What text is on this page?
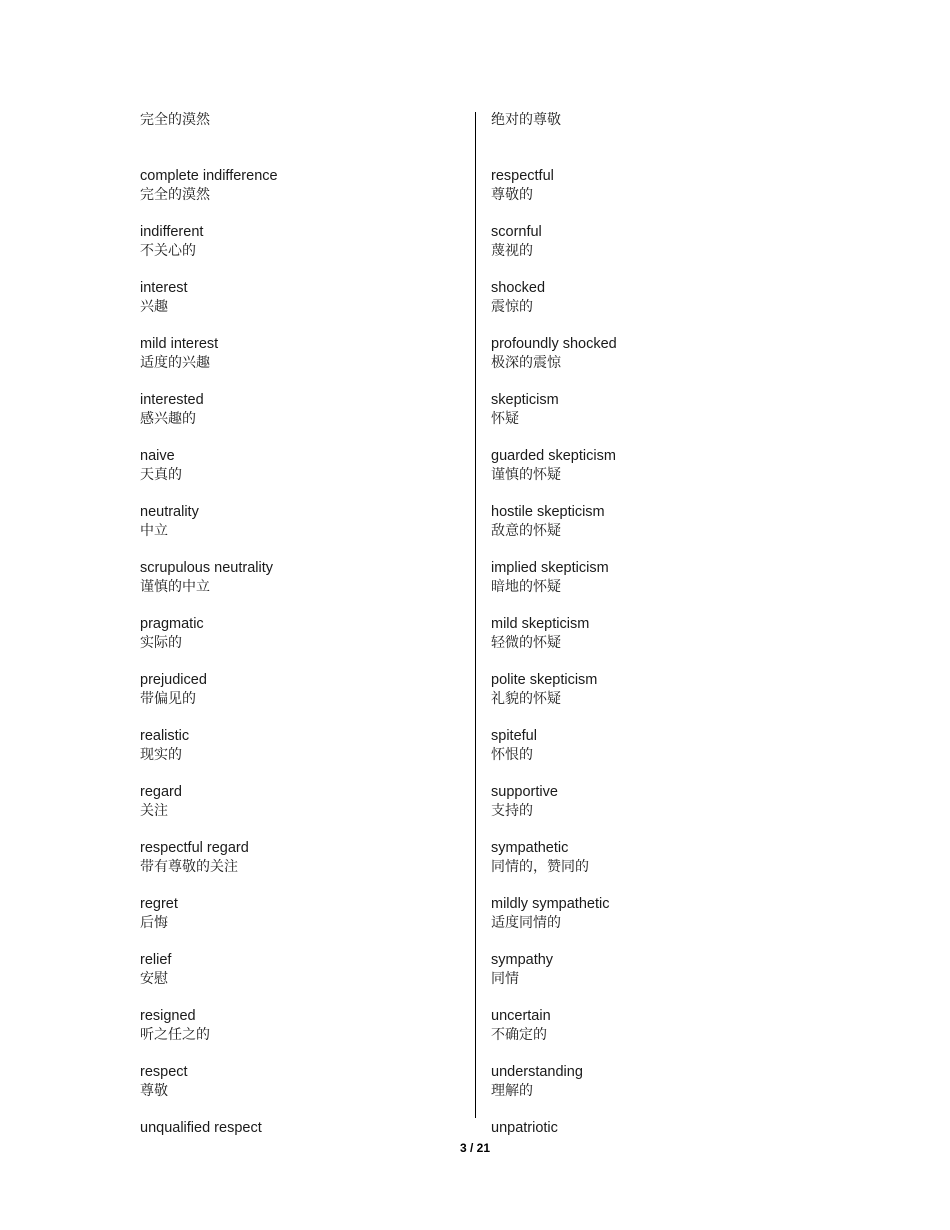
完全的漠然
complete indifference
完全的漠然
indifferent
不关心的
interest
兴趣
mild interest
适度的兴趣
interested
感兴趣的
naive
天真的
neutrality
中立
scrupulous neutrality
谨慎的中立
pragmatic
实际的
prejudiced
带偏见的
realistic
现实的
regard
关注
respectful regard
带有尊敬的关注
regret
后悔
relief
安慰
resigned
听之任之的
respect
尊敬
unqualified respect
绝对的尊敬
respectful
尊敬的
scornful
蔑视的
shocked
震惊的
profoundly shocked
极深的震惊
skepticism
怀疑
guarded skepticism
谨慎的怀疑
hostile skepticism
敌意的怀疑
implied skepticism
暗地的怀疑
mild skepticism
轻微的怀疑
polite skepticism
礼貌的怀疑
spiteful
怀恨的
supportive
支持的
sympathetic
同情的，赞同的
mildly sympathetic
适度同情的
sympathy
同情
uncertain
不确定的
understanding
理解的
unpatriotic
3 / 21
